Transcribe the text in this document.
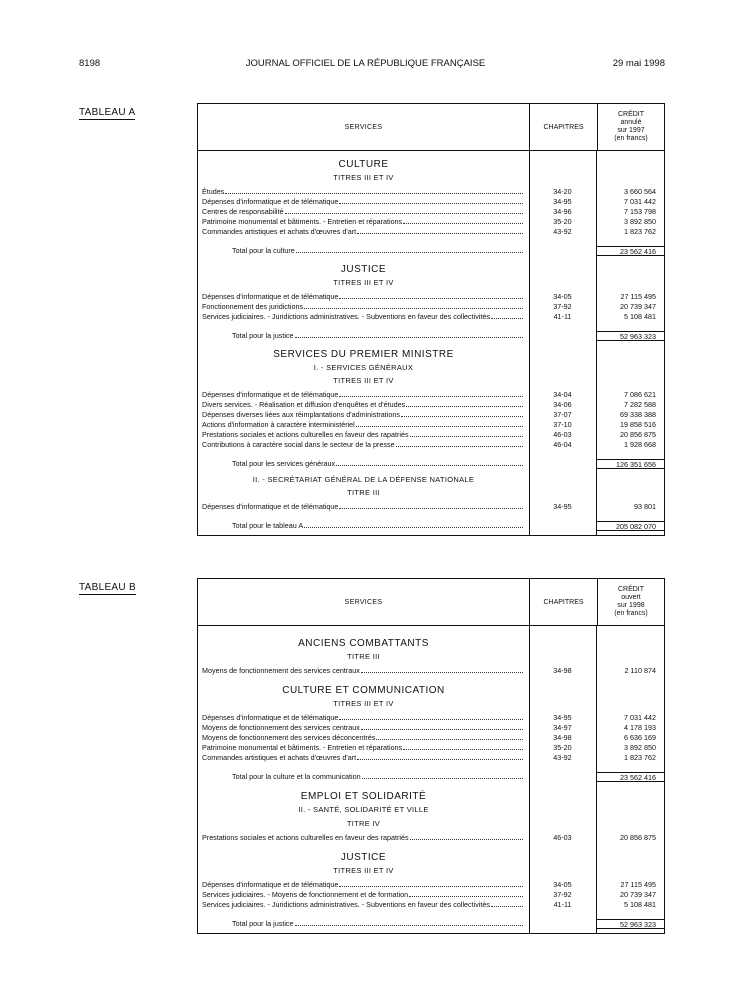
8198	JOURNAL OFFICIEL DE LA RÉPUBLIQUE FRANÇAISE	29 mai 1998
TABLEAU A
SERVICES	CHAPITRES
CRÉDIT
annulé
sur 1997
(en francs)
CULTURE
TITRES III ET IV
Études	34-20	3 660 564
Dépenses d'informatique et de télématique	34-95	7 031 442
Centres de responsabilité	34-96	7 153 798
Patrimoine monumental et bâtiments. - Entretien et réparations	35-20	3 892 850
Commandes artistiques et achats d'œuvres d'art	43-92	1 823 762
Total pour la culture	23 562 416
JUSTICE
TITRES III ET IV
Dépenses d'informatique et de télématique	34-05	27 115 495
Fonctionnement des juridictions	37-92	20 739 347
Services judiciaires. - Juridictions administratives. - Subventions en faveur des collectivités	41-11	5 108 481
Total pour la justice	52 963 323
SERVICES DU PREMIER MINISTRE
I. - SERVICES GÉNÉRAUX
TITRES III ET IV
Dépenses d'informatique et de télématique	34-04	7 086 621
Divers services. - Réalisation et diffusion d'enquêtes et d'études	34-06	7 282 588
Dépenses diverses liées aux réimplantations d'administrations	37-07	69 338 388
Actions d'information à caractère interministériel	37-10	19 858 516
Prestations sociales et actions culturelles en faveur des rapatriés	46-03	20 856 875
Contributions à caractère social dans le secteur de la presse	46-04	1 928 668
Total pour les services généraux	126 351 656
II. - SECRÉTARIAT GÉNÉRAL DE LA DÉFENSE NATIONALE
TITRE III
Dépenses d'informatique et de télématique	34-95	93 801
Total pour le tableau A	205 082 070
TABLEAU B
SERVICES	CHAPITRES
CRÉDIT
ouvert
sur 1998
(en francs)
ANCIENS COMBATTANTS
TITRE III
Moyens de fonctionnement des services centraux	34-98	2 110 874
CULTURE ET COMMUNICATION
TITRES III ET IV
Dépenses d'informatique et de télématique	34-95	7 031 442
Moyens de fonctionnement des services centraux	34-97	4 178 193
Moyens de fonctionnement des services déconcentrés	34-98	6 636 169
Patrimoine monumental et bâtiments. - Entretien et réparations	35-20	3 892 850
Commandes artistiques et achats d'œuvres d'art	43-92	1 823 762
Total pour la culture et la communication	23 562 416
EMPLOI ET SOLIDARITÉ
II. - SANTÉ, SOLIDARITÉ ET VILLE
TITRE IV
Prestations sociales et actions culturelles en faveur des rapatriés	46-03	20 856 875
JUSTICE
TITRES III ET IV
Dépenses d'informatique et de télématique	34-05	27 115 495
Services judiciaires. - Moyens de fonctionnement et de formation	37-92	20 739 347
Services judiciaires. - Juridictions administratives. - Subventions en faveur des collectivités	41-11	5 108 481
Total pour la justice	52 963 323
